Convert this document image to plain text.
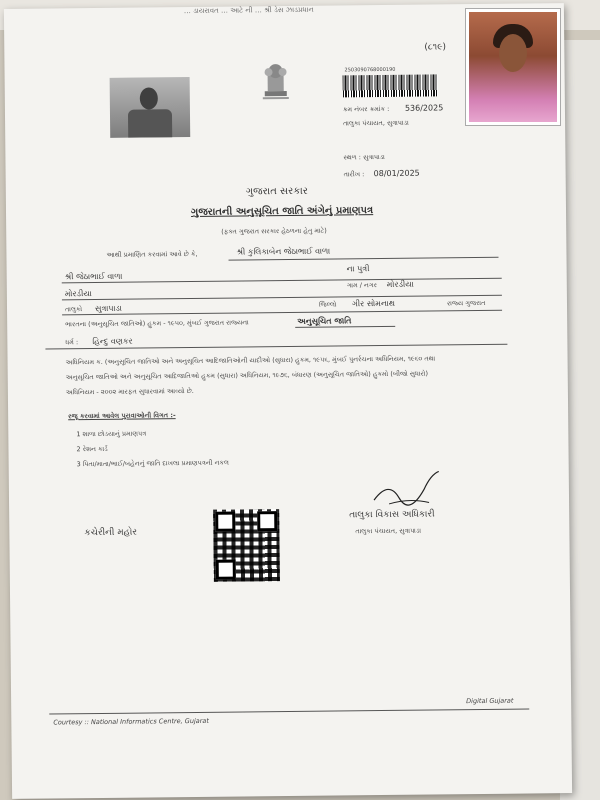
… ડાયરાવત … આટે ની … શ્રી ડેસ ઝાડપ્રધાન
(૮૧૯)
2503090768000190
ક્રમ નંબર ક્રમાંક : 536/2025
તાલુકા પંચાયત, સુત્રાપાડા
સ્થળ : સુત્રાપાડા
તારીખ : 08/01/2025
ગુજરાત સરકાર
ગુજરાતની અનુસૂચિત જાતિ અંગેનું પ્રમાણપત્ર
(ફક્ત ગુજરાત સરકાર હેઠળના હેતુ માટે)
આથી પ્રમાણિત કરવામાં આવે છે કે,	શ્રી કુલિકાબેન જેઠાભાઈ વાળા
ના પુત્રી
શ્રી જેઠાભાઈ વાળા
ગામ / નગર મોરડીયા
મોરડીયા
તાલુકો સુત્રાપાડા	જિલ્લો ગીર સોમનાથ	રાજ્ય ગુજરાત
ભારતના (અનુસૂચિત જાતિઓ) હુકમ - ૧૯૫૦, મુંબઈ ગુજરાત રાજ્યના	અનુસૂચિત જાતિ
ધર્મ : હિન્દુ વણકર
અધિનિયમ ક. (અનુસૂચિત જાતિઓ અને અનુસૂચિત આદિજાતિઓની યાદીઓ (સુધારા) હુકમ, ૧૯૫૬, મુંબઈ પુનર્રચના અધિનિયમ, ૧૯૬૦ તથા
અનુસૂચિત જાતિઓ અને અનુસૂચિત આદિજાતિઓ હુકમ (સુધારા) અધિનિયમ, ૧૯૭૬, બંધારણ (અનુસૂચિત જાતિઓ) હુકમો (બીજો સુધારો)
અધિનિયમ - ૨૦૦૨ મારફત સુધારવામાં આવ્યો છે.
રજૂ કરવામાં આવેલ પુરાવાઓની વિગત :-
1 શાળા છોડયાનું પ્રમાણપત્ર
2 રેશન કાર્ડ
3 પિતા/માતા/ભાઈ/બહેનનું જાતિ દાખલા પ્રમાણપત્રની નકલ
કચેરીની મહોર
તાલુકા વિકાસ અધિકારી
તાલુકા પંચાયત, સુત્રાપાડા
Courtesy :: National Informatics Centre, Gujarat
Digital Gujarat
